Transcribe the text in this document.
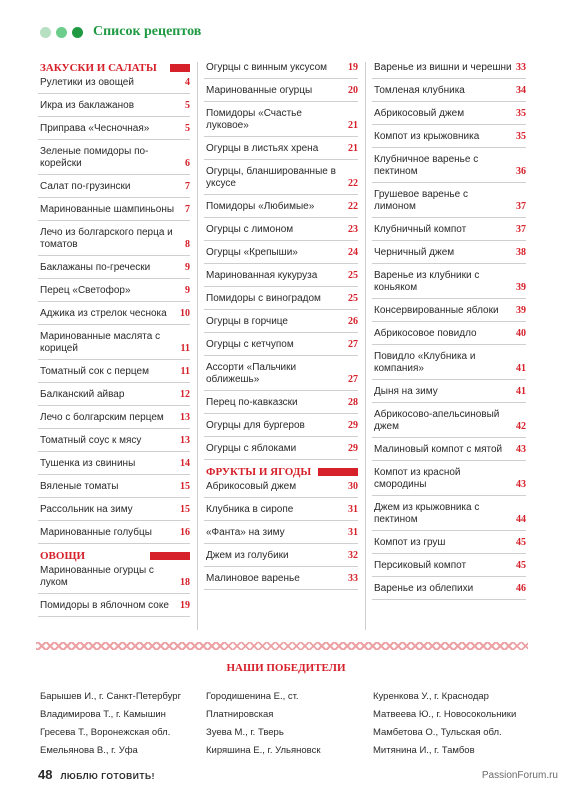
Список рецептов
ЗАКУСКИ И САЛАТЫ
Рулетики из овощей	4
Икра из баклажанов	5
Приправа «Чесночная»	5
Зеленые помидоры по-корейски	6
Салат по-грузински	7
Маринованные шампиньоны	7
Лечо из болгарского перца и томатов	8
Баклажаны по-гречески	9
Перец «Светофор»	9
Аджика из стрелок чеснока	10
Маринованные маслята с корицей	11
Томатный сок с перцем	11
Балканский айвар	12
Лечо с болгарским перцем	13
Томатный соус к мясу	13
Тушенка из свинины	14
Вяленые томаты	15
Рассольник на зиму	15
Маринованные голубцы	16
ОВОЩИ
Маринованные огурцы с луком	18
Помидоры в яблочном соке	19
Огурцы с винным уксусом	19
Маринованные огурцы	20
Помидоры «Счастье луковое»	21
Огурцы в листьях хрена	21
Огурцы, бланшированные в уксусе	22
Помидоры «Любимые»	22
Огурцы с лимоном	23
Огурцы «Крепыши»	24
Маринованная кукуруза	25
Помидоры с виноградом	25
Огурцы в горчице	26
Огурцы с кетчупом	27
Ассорти «Пальчики оближешь»	27
Перец по-кавказски	28
Огурцы для бургеров	29
Огурцы с яблоками	29
ФРУКТЫ И ЯГОДЫ
Абрикосовый джем	30
Клубника в сиропе	31
«Фанта» на зиму	31
Джем из голубики	32
Малиновое варенье	33
Варенье из вишни и черешни 33
Томленая клубника	34
Абрикосовый джем	35
Компот из крыжовника	35
Клубничное варенье с пектином	36
Грушевое варенье с лимоном	37
Клубничный компот	37
Черничный джем	38
Варенье из клубники с коньяком	39
Консервированные яблоки	39
Абрикосовое повидло	40
Повидло «Клубника и компания»	41
Дыня на зиму	41
Абрикосово-апельсиновый джем	42
Малиновый компот с мятой	43
Компот из красной смородины	43
Джем из крыжовника с пектином	44
Компот из груш	45
Персиковый компот	45
Варенье из облепихи	46
НАШИ ПОБЕДИТЕЛИ
Барышев И., г. Санкт-Петербург
Владимирова Т., г. Камышин
Гресева Т., Воронежская обл.
Емельянова В., г. Уфа
Городишенина Е., ст. Платнировская
Зуева М., г. Тверь
Киряшина Е., г. Ульяновск
Куренкова У., г. Краснодар
Матвеева Ю., г. Новосокольники
Мамбетова О., Тульская обл.
Митянина И., г. Тамбов
48 ЛЮБЛЮ ГОТОВИТЬ!	PassionForum.ru
